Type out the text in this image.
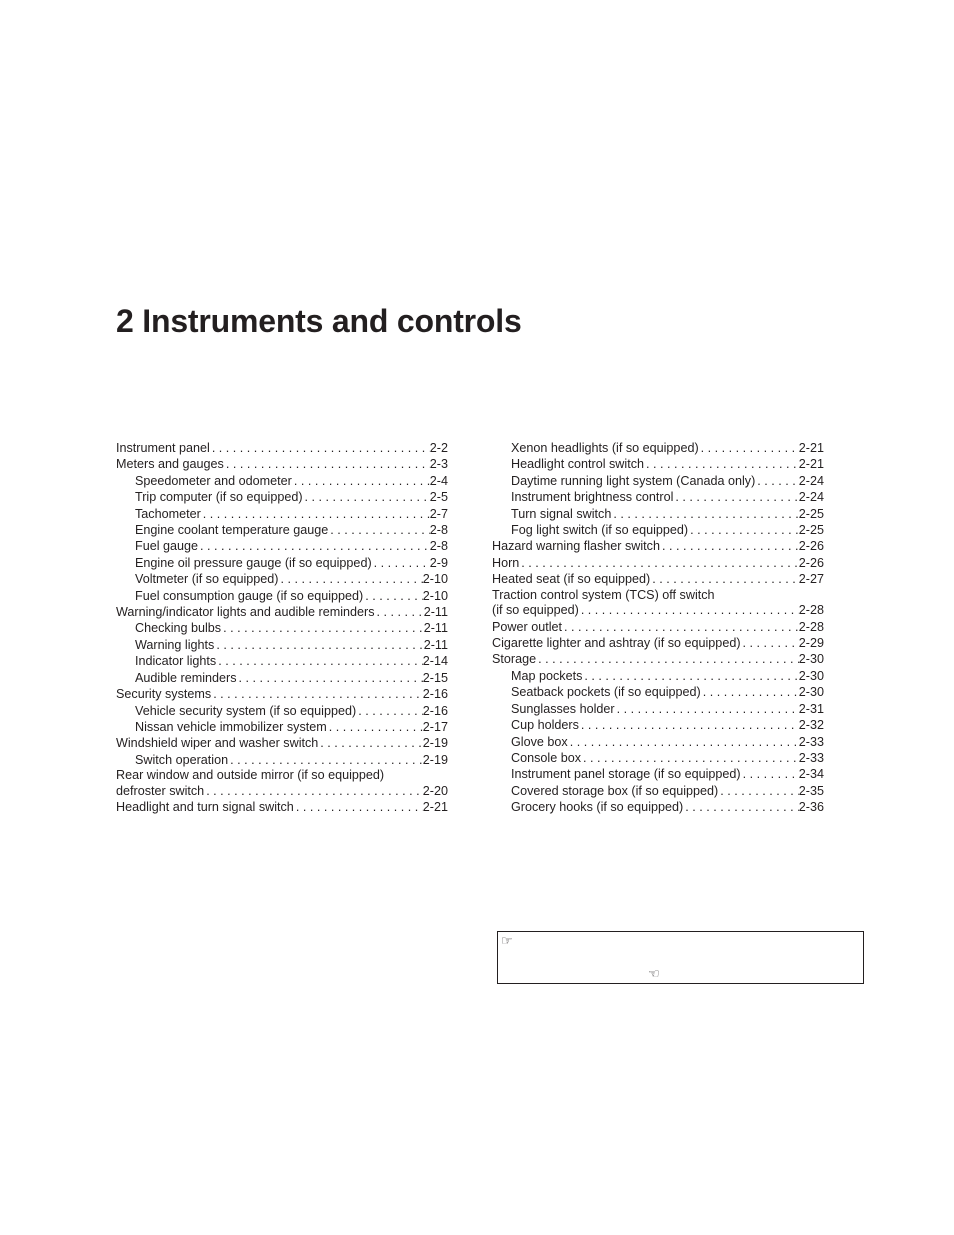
2 Instruments and controls
Instrument panel . . .	2-2
Meters and gauges . . .	2-3
Speedometer and odometer . . .	2-4
Trip computer (if so equipped) . . .	2-5
Tachometer . . .	2-7
Engine coolant temperature gauge . . .	2-8
Fuel gauge . . .	2-8
Engine oil pressure gauge (if so equipped) . . .	2-9
Voltmeter (if so equipped) . . .	2-10
Fuel consumption gauge (if so equipped) . . .	2-10
Warning/indicator lights and audible reminders . . .	2-11
Checking bulbs . . .	2-11
Warning lights . . .	2-11
Indicator lights . . .	2-14
Audible reminders . . .	2-15
Security systems . . .	2-16
Vehicle security system (if so equipped) . . .	2-16
Nissan vehicle immobilizer system . . .	2-17
Windshield wiper and washer switch . . .	2-19
Switch operation . . .	2-19
Rear window and outside mirror (if so equipped)
defroster switch . . .	2-20
Headlight and turn signal switch . . .	2-21
Xenon headlights (if so equipped) . . .	2-21
Headlight control switch . . .	2-21
Daytime running light system (Canada only) . . .	2-24
Instrument brightness control . . .	2-24
Turn signal switch . . .	2-25
Fog light switch (if so equipped) . . .	2-25
Hazard warning flasher switch . . .	2-26
Horn . . .	2-26
Heated seat (if so equipped) . . .	2-27
Traction control system (TCS) off switch
(if so equipped) . . .	2-28
Power outlet . . .	2-28
Cigarette lighter and ashtray (if so equipped) . . .	2-29
Storage . . .	2-30
Map pockets . . .	2-30
Seatback pockets (if so equipped) . . .	2-30
Sunglasses holder . . .	2-31
Cup holders . . .	2-32
Glove box . . .	2-33
Console box . . .	2-33
Instrument panel storage (if so equipped) . . .	2-34
Covered storage box (if so equipped) . . .	2-35
Grocery hooks (if so equipped) . . .	2-36
☞
☜
